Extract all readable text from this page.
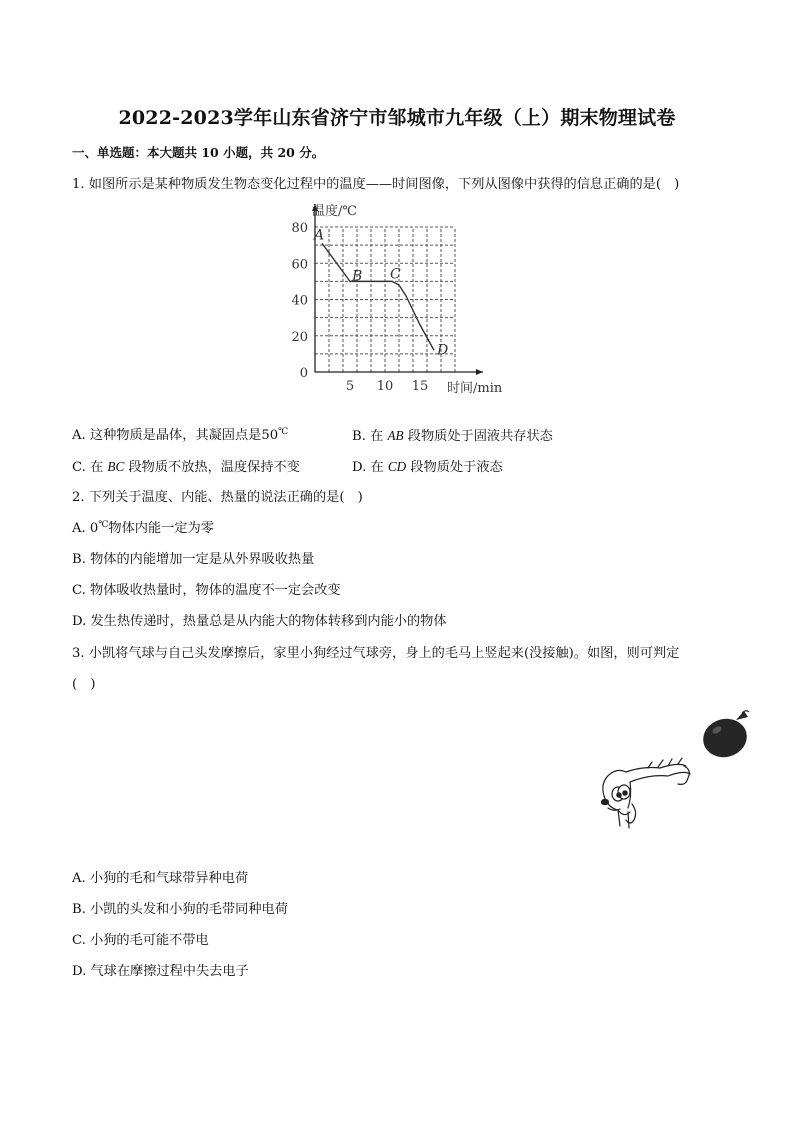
2022-2023学年山东省济宁市邹城市九年级（上）期末物理试卷
一、单选题：本大题共 10 小题，共 20 分。
1. 如图所示是某种物质发生物态变化过程中的温度——时间图像，下列从图像中获得的信息正确的是(　)
0
20
40
60
80
5 10 15
温度/℃
时间/min
A
B C
D
A. 这种物质是晶体，其凝固点是50℃	B. 在 AB 段物质处于固液共存状态
C. 在 BC 段物质不放热，温度保持不变	D. 在 CD 段物质处于液态
2. 下列关于温度、内能、热量的说法正确的是(　)
A. 0℃物体内能一定为零
B. 物体的内能增加一定是从外界吸收热量
C. 物体吸收热量时，物体的温度不一定会改变
D. 发生热传递时，热量总是从内能大的物体转移到内能小的物体
3. 小凯将气球与自己头发摩擦后，家里小狗经过气球旁，身上的毛马上竖起来(没接触)。如图，则可判定
(　)
A. 小狗的毛和气球带异种电荷
B. 小凯的头发和小狗的毛带同种电荷
C. 小狗的毛可能不带电
D. 气球在摩擦过程中失去电子
